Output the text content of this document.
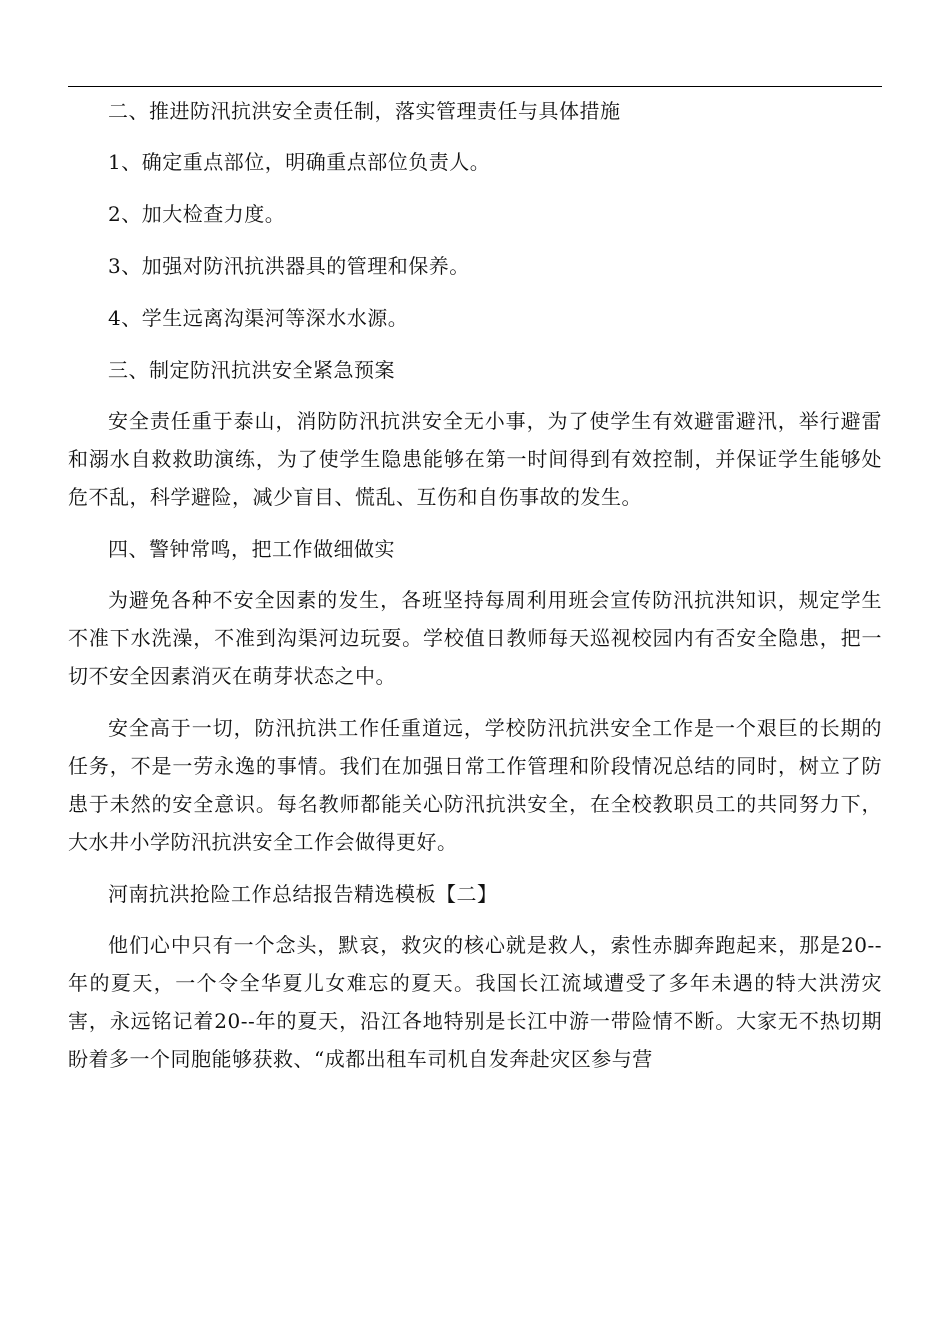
二、推进防汛抗洪安全责任制，落实管理责任与具体措施

1、确定重点部位，明确重点部位负责人。

2、加大检查力度。

3、加强对防汛抗洪器具的管理和保养。

4、学生远离沟渠河等深水水源。

三、制定防汛抗洪安全紧急预案

安全责任重于泰山，消防防汛抗洪安全无小事，为了使学生有效避雷避汛，举行避雷和溺水自救救助演练，为了使学生隐患能够在第一时间得到有效控制，并保证学生能够处危不乱，科学避险，减少盲目、慌乱、互伤和自伤事故的发生。

四、警钟常鸣，把工作做细做实

为避免各种不安全因素的发生，各班坚持每周利用班会宣传防汛抗洪知识，规定学生不准下水洗澡，不准到沟渠河边玩耍。学校值日教师每天巡视校园内有否安全隐患，把一切不安全因素消灭在萌芽状态之中。

安全高于一切，防汛抗洪工作任重道远，学校防汛抗洪安全工作是一个艰巨的长期的任务，不是一劳永逸的事情。我们在加强日常工作管理和阶段情况总结的同时，树立了防患于未然的安全意识。每名教师都能关心防汛抗洪安全，在全校教职员工的共同努力下，大水井小学防汛抗洪安全工作会做得更好。

河南抗洪抢险工作总结报告精选模板【二】

他们心中只有一个念头，默哀，救灾的核心就是救人，索性赤脚奔跑起来，那是20--年的夏天，一个令全华夏儿女难忘的夏天。我国长江流域遭受了多年未遇的特大洪涝灾害，永远铭记着20--年的夏天，沿江各地特别是长江中游一带险情不断。大家无不热切期盼着多一个同胞能够获救、“成都出租车司机自发奔赴灾区参与营
